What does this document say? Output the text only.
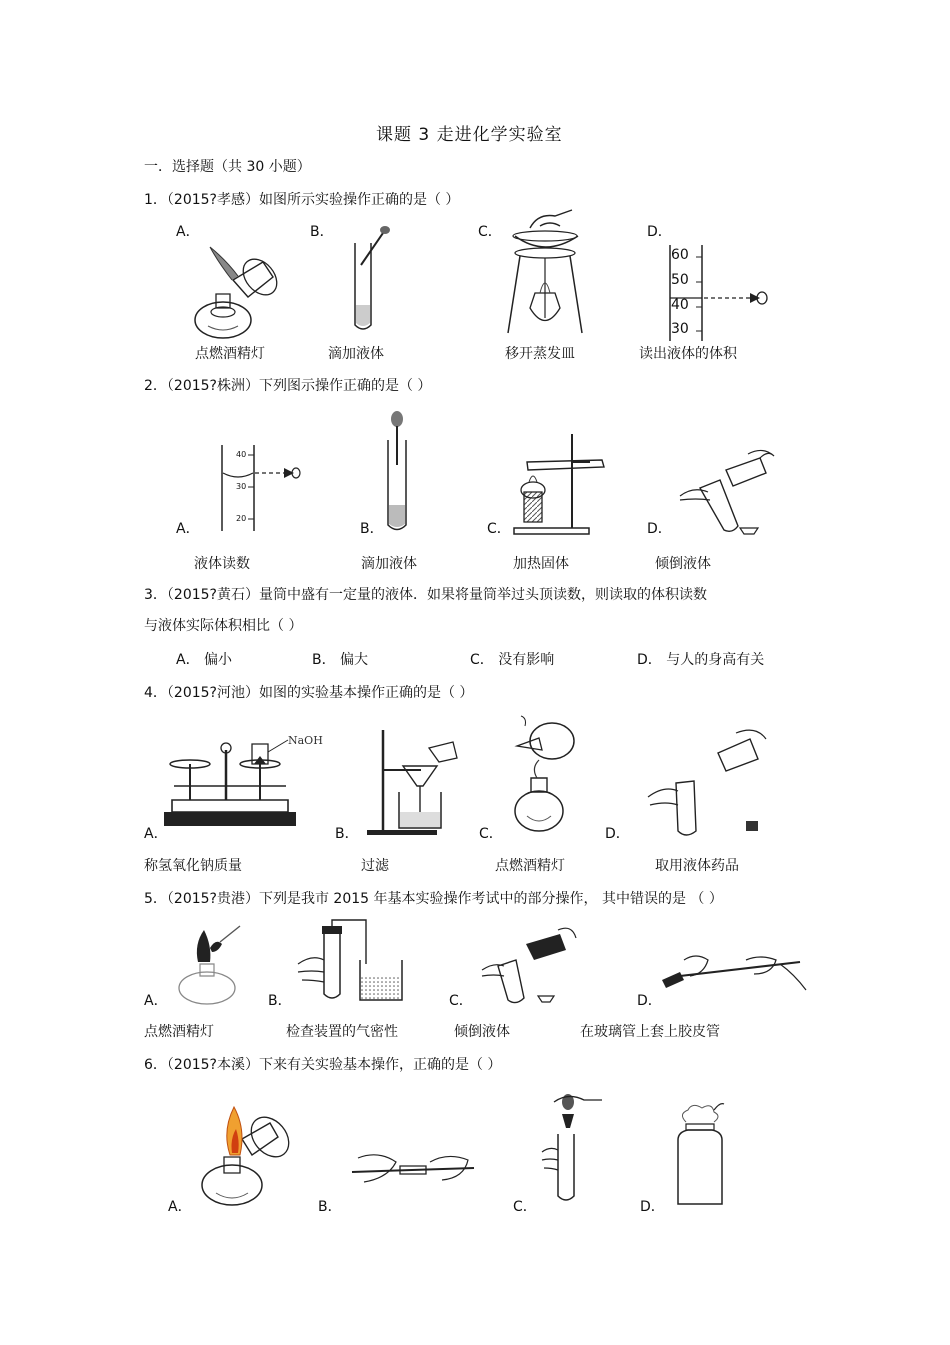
课题 3 走进化学实验室
一．选择题（共 30 小题）
1．（2015?孝感）如图所示实验操作正确的是（ ）
A．	B．	C．	D．
60
50
40
30
点燃酒精灯	滴加液体	移开蒸发皿	读出液体的体积
2．（2015?株洲）下列图示操作正确的是（ ）
40
30
20
A．	B．	C．	D．
液体读数	滴加液体	加热固体	倾倒液体
3．（2015?黄石）量筒中盛有一定量的液体．如果将量筒举过头顶读数，则读取的体积读数
与液体实际体积相比（ ）
A． 偏小	B． 偏大	C． 没有影响	D． 与人的身高有关
4．（2015?河池）如图的实验基本操作正确的是（ ）
NaOH
A．	B．	C．	D．
称氢氧化钠质量	过滤	点燃酒精灯	取用液体药品
5．（2015?贵港）下列是我市 2015 年基本实验操作考试中的部分操作， 其中错误的是 （ ）
A．	B．	C．	D．
点燃酒精灯	检查装置的气密性	倾倒液体	在玻璃管上套上胶皮管
6．（2015?本溪）下来有关实验基本操作，正确的是（ ）
A．	B．	C．	D．
